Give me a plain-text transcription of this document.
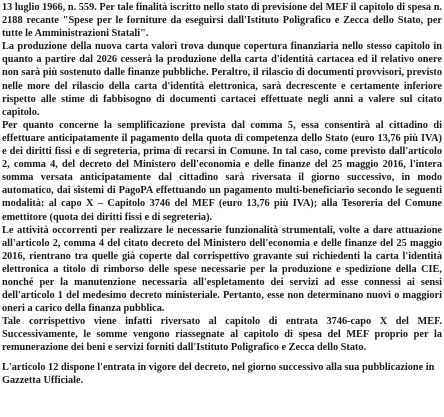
13 luglio 1966, n. 559. Per tale finalità iscritto nello stato di previsione del MEF il capitolo di spesa n. 2188 recante "Spese per le forniture da eseguirsi dall'Istituto Poligrafico e Zecca dello Stato, per tutte le Amministrazioni Statali".

La produzione della nuova carta valori trova dunque copertura finanziaria nello stesso capitolo in quanto a partire dal 2026 cesserà la produzione della carta d'identità cartacea ed il relativo onere non sarà più sostenuto dalle finanze pubbliche. Peraltro, il rilascio di documenti provvisori, previsto nelle more del rilascio della carta d'identità elettronica, sarà decrescente e certamente inferiore rispetto alle stime di fabbisogno di documenti cartacei effettuate negli anni a valere sul citato capitolo.

Per quanto concerne la semplificazione prevista dal comma 5, essa consentirà al cittadino di effettuare anticipatamente il pagamento della quota di competenza dello Stato (euro 13,76 più IVA) e dei diritti fissi e di segreteria, prima di recarsi in Comune. In tal caso, come previsto dall'articolo 2, comma 4, del decreto del Ministero dell'economia e delle finanze del 25 maggio 2016, l'intera somma versata anticipatamente dal cittadino sarà riversata il giorno successivo, in modo automatico, dai sistemi di PagoPA effettuando un pagamento multi-beneficiario secondo le seguenti modalità: al capo X – Capitolo 3746 del MEF (euro 13,76 più IVA); alla Tesoreria del Comune emettitore (quota dei diritti fissi e di segreteria).

Le attività occorrenti per realizzare le necessarie funzionalità strumentali, volte a dare attuazione all'articolo 2, comma 4 del citato decreto del Ministero dell'economia e delle finanze del 25 maggio 2016, rientrano tra quelle già coperte dal corrispettivo gravante sui richiedenti la carta l'identità elettronica a titolo di rimborso delle spese necessarie per la produzione e spedizione della CIE, nonché per la manutenzione necessaria all'espletamento dei servizi ad esse connessi ai sensi dell'articolo 1 del medesimo decreto ministeriale. Pertanto, esse non determinano nuovi o maggiori oneri a carico della finanza pubblica.

Tale corrispettivo viene infatti riversato al capitolo di entrata 3746-capo X del MEF. Successivamente, le somme vengono riassegnate al capitolo di spesa del MEF proprio per la remunerazione dei beni e servizi forniti dall'Istituto Poligrafico e Zecca dello Stato.

L'articolo 12 dispone l'entrata in vigore del decreto, nel giorno successivo alla sua pubblicazione in Gazzetta Ufficiale.
